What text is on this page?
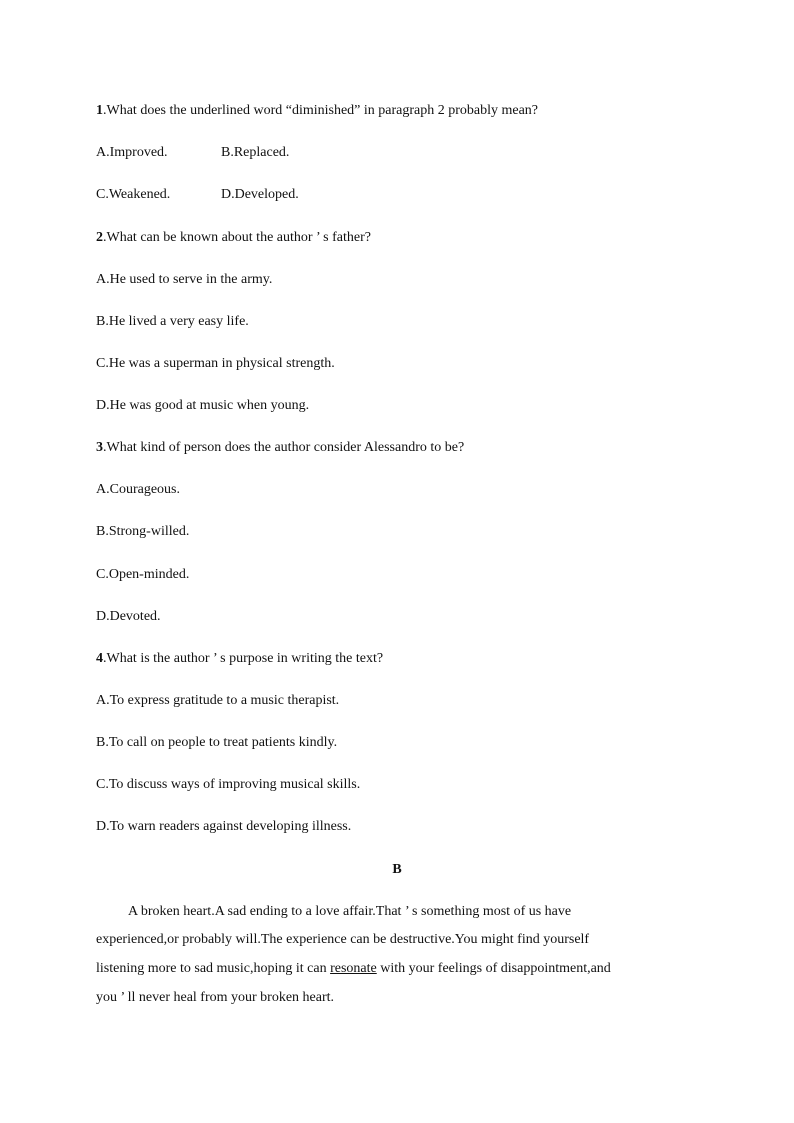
1.What does the underlined word “diminished” in paragraph 2 probably mean?
A.Improved.	B.Replaced.
C.Weakened.	D.Developed.
2.What can be known about the author ’ s father?
A.He used to serve in the army.
B.He lived a very easy life.
C.He was a superman in physical strength.
D.He was good at music when young.
3.What kind of person does the author consider Alessandro to be?
A.Courageous.
B.Strong-willed.
C.Open-minded.
D.Devoted.
4.What is the author ’ s purpose in writing the text?
A.To express gratitude to a music therapist.
B.To call on people to treat patients kindly.
C.To discuss ways of improving musical skills.
D.To warn readers against developing illness.
B
A broken heart.A sad ending to a love affair.That ’ s something most of us have
experienced,or probably will.The experience can be destructive.You might find yourself
listening more to sad music,hoping it can resonate with your feelings of disappointment,and
you ’ ll never heal from your broken heart.
